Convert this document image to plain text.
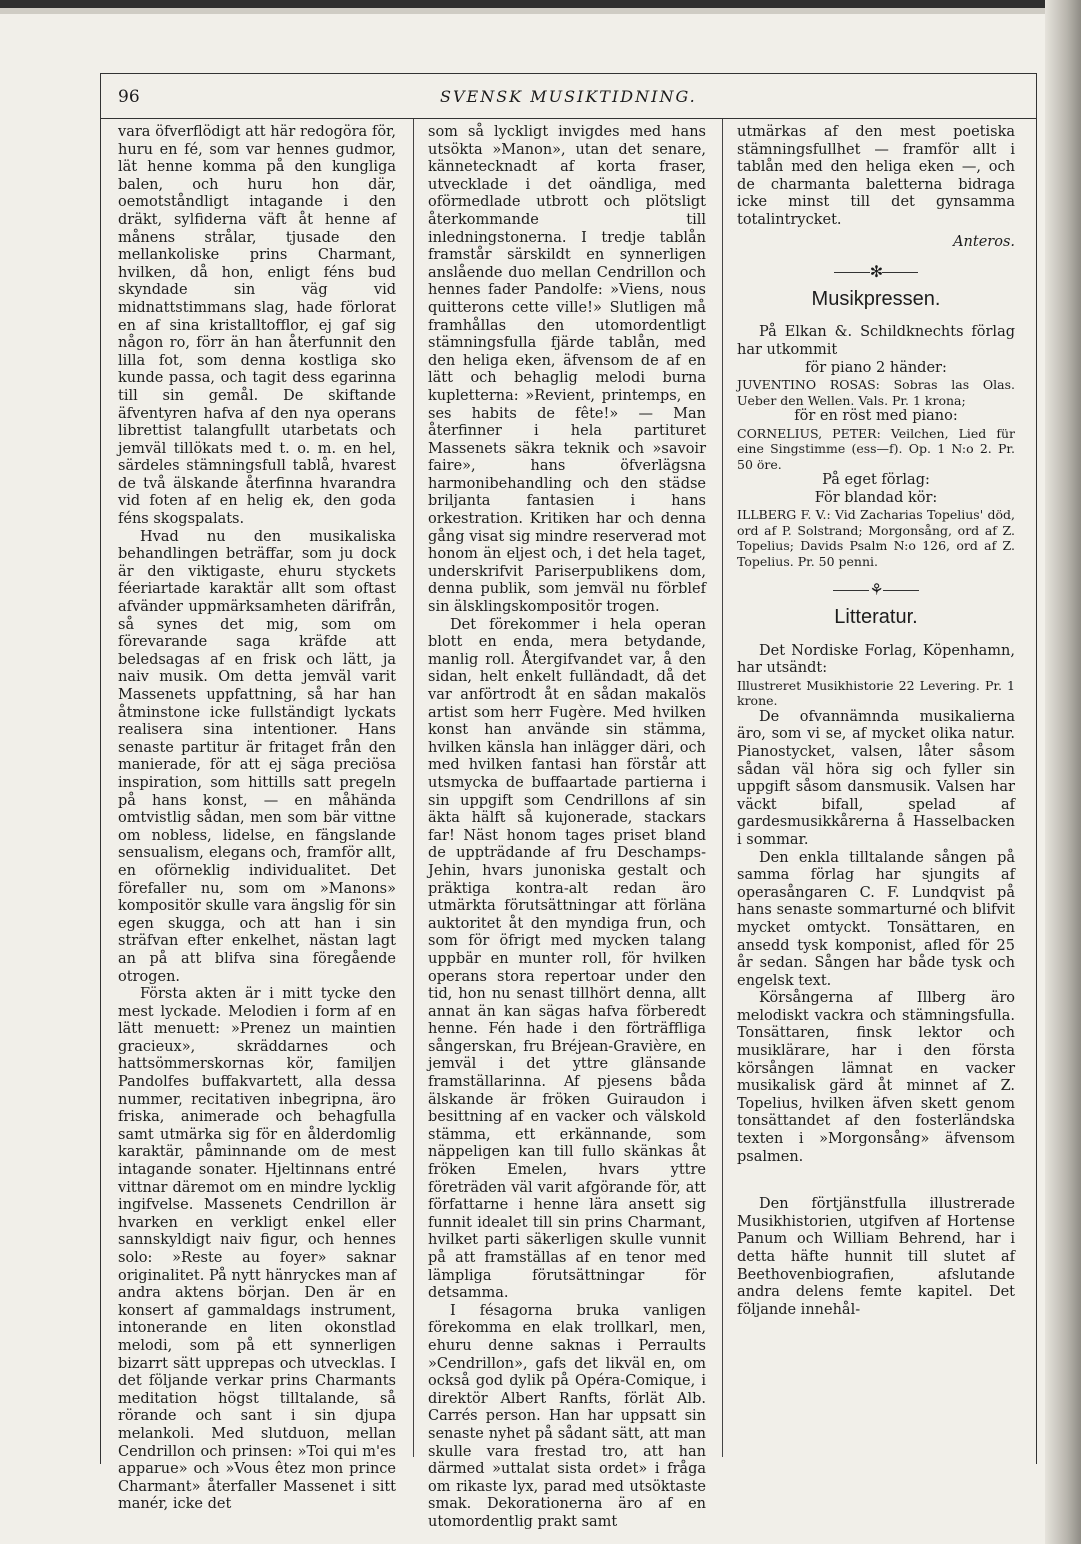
96	SVENSK MUSIKTIDNING.

vara öfverflödigt att här redogöra för, huru en fé, som var hennes gudmor, lät henne komma på den kungliga balen, och huru hon där, oemotståndligt intagande i den dräkt, sylfiderna väft åt henne af månens strålar, tjusade den mellankoliske prins Charmant, hvilken, då hon, enligt féns bud skyndade sin väg vid midnattstimmans slag, hade förlorat en af sina kristalltofflor, ej gaf sig någon ro, förr än han återfunnit den lilla fot, som denna kostliga sko kunde passa, och tagit dess egarinna till sin gemål. De skiftande äfventyren hafva af den nya operans librettist talangfullt utarbetats och jemväl tillökats med t. o. m. en hel, särdeles stämningsfull tablå, hvarest de två älskande återfinna hvarandra vid foten af en helig ek, den goda féns skogspalats.

Hvad nu den musikaliska behandlingen beträffar, som ju dock är den viktigaste, ehuru styckets féeriartade karaktär allt som oftast afvänder uppmärksamheten därifrån, så synes det mig, som om förevarande saga kräfde att beledsagas af en frisk och lätt, ja naiv musik. Om detta jemväl varit Massenets uppfattning, så har han åtminstone icke fullständigt lyckats realisera sina intentioner. Hans senaste partitur är fritaget från den manierade, för att ej säga preciösa inspiration, som hittills satt pregeln på hans konst, — en måhända omtvistlig sådan, men som bär vittne om nobless, lidelse, en fängslande sensualism, elegans och, framför allt, en oförneklig individualitet. Det förefaller nu, som om »Manons» kompositör skulle vara ängslig för sin egen skugga, och att han i sin sträfvan efter enkelhet, nästan lagt an på att blifva sina föregående otrogen.

Första akten är i mitt tycke den mest lyckade. Melodien i form af en lätt menuett: »Prenez un maintien gracieux», skräddarnes och hattsömmerskornas kör, familjen Pandolfes buffakvartett, alla dessa nummer, recitativen inbegripna, äro friska, animerade och behagfulla samt utmärka sig för en ålderdomlig karaktär, påminnande om de mest intagande sonater. Hjeltinnans entré vittnar däremot om en mindre lycklig ingifvelse. Massenets Cendrillon är hvarken en verkligt enkel eller sannskyldigt naiv figur, och hennes solo: »Reste au foyer» saknar originalitet. På nytt hänryckes man af andra aktens början. Den är en konsert af gammaldags instrument, intonerande en liten okonstlad melodi, som på ett synnerligen bizarrt sätt upprepas och utvecklas. I det följande verkar prins Charmants meditation högst tilltalande, så rörande och sant i sin djupa melankoli. Med slutduon, mellan Cendrillon och prinsen: »Toi qui m'es apparue» och »Vous êtez mon prince Charmant» återfaller Massenet i sitt manér, icke det

som så lyckligt invigdes med hans utsökta »Manon», utan det senare, kännetecknadt af korta fraser, utvecklade i det oändliga, med oförmedlade utbrott och plötsligt återkommande till inledningstonerna. I tredje tablån framstår särskildt en synnerligen anslående duo mellan Cendrillon och hennes fader Pandolfe: »Viens, nous quitterons cette ville!» Slutligen må framhållas den utomordentligt stämningsfulla fjärde tablån, med den heliga eken, äfvensom de af en lätt och behaglig melodi burna kupletterna: »Revient, printemps, en ses habits de fête!» — Man återfinner i hela partituret Massenets säkra teknik och »savoir faire», hans öfverlägsna harmonibehandling och den städse briljanta fantasien i hans orkestration. Kritiken har och denna gång visat sig mindre reserverad mot honom än eljest och, i det hela taget, underskrifvit Pariserpublikens dom, denna publik, som jemväl nu förblef sin älsklingskompositör trogen.

Det förekommer i hela operan blott en enda, mera betydande, manlig roll. Återgifvandet var, å den sidan, helt enkelt fulländadt, då det var anförtrodt åt en sådan makalös artist som herr Fugère. Med hvilken konst han använde sin stämma, hvilken känsla han inlägger däri, och med hvilken fantasi han förstår att utsmycka de buffaartade partierna i sin uppgift som Cendrillons af sin äkta hälft så kujonerade, stackars far! Näst honom tages priset bland de uppträdande af fru Deschamps-Jehin, hvars junoniska gestalt och präktiga kontra-alt redan äro utmärkta förutsättningar att förläna auktoritet åt den myndiga frun, och som för öfrigt med mycken talang uppbär en munter roll, för hvilken operans stora repertoar under den tid, hon nu senast tillhört denna, allt annat än kan sägas hafva förberedt henne. Fén hade i den förträffliga sångerskan, fru Bréjean-Gravière, en jemväl i det yttre glänsande framställarinna. Af pjesens båda älskande är fröken Guiraudon i besittning af en vacker och välskold stämma, ett erkännande, som näppeligen kan till fullo skänkas åt fröken Emelen, hvars yttre företräden väl varit afgörande för, att författarne i henne lära ansett sig funnit idealet till sin prins Charmant, hvilket parti säkerligen skulle vunnit på att framställas af en tenor med lämpliga förutsättningar för detsamma.

I fésagorna bruka vanligen förekomma en elak trollkarl, men, ehuru denne saknas i Perraults »Cendrillon», gafs det likväl en, om också god dylik på Opéra-Comique, i direktör Albert Ranfts, förlät Alb. Carrés person. Han har uppsatt sin senaste nyhet på sådant sätt, att man skulle vara frestad tro, att han därmed »uttalat sista ordet» i fråga om rikaste lyx, parad med utsöktaste smak. Dekorationerna äro af en utomordentlig prakt samt

utmärkas af den mest poetiska stämningsfullhet — framför allt i tablån med den heliga eken —, och de charmanta baletterna bidraga icke minst till det gynsamma totalintrycket.

Anteros.

✻
Musikpressen.

På Elkan &. Schildknechts förlag har utkommit

för piano 2 händer:

JUVENTINO ROSAS: Sobras las Olas. Ueber den Wellen. Vals. Pr. 1 krona;

för en röst med piano:

CORNELIUS, PETER: Veilchen, Lied für eine Singstimme (ess—f). Op. 1 N:o 2. Pr. 50 öre.

På eget förlag:

För blandad kör:

ILLBERG F. V.: Vid Zacharias Topelius' död, ord af P. Solstrand; Morgonsång, ord af Z. Topelius; Davids Psalm N:o 126, ord af Z. Topelius. Pr. 50 penni.

⚘
Litteratur.

Det Nordiske Forlag, Köpenhamn, har utsändt:

Illustreret Musikhistorie 22 Levering. Pr. 1 krone.

De ofvannämnda musikalierna äro, som vi se, af mycket olika natur. Pianostycket, valsen, låter såsom sådan väl höra sig och fyller sin uppgift såsom dansmusik. Valsen har väckt bifall, spelad af gardesmusikkårerna å Hasselbacken i sommar.

Den enkla tilltalande sången på samma förlag har sjungits af operasångaren C. F. Lundqvist på hans senaste sommarturné och blifvit mycket omtyckt. Tonsättaren, en ansedd tysk komponist, afled för 25 år sedan. Sången har både tysk och engelsk text.

Körsångerna af Illberg äro melodiskt vackra och stämningsfulla. Tonsättaren, finsk lektor och musiklärare, har i den första körsången lämnat en vacker musikalisk gärd åt minnet af Z. Topelius, hvilken äfven skett genom tonsättandet af den fosterländska texten i »Morgonsång» äfvensom psalmen.

Den förtjänstfulla illustrerade Musikhistorien, utgifven af Hortense Panum och William Behrend, har i detta häfte hunnit till slutet af Beethovenbiografien, afslutande andra delens femte kapitel. Det följande innehål-
